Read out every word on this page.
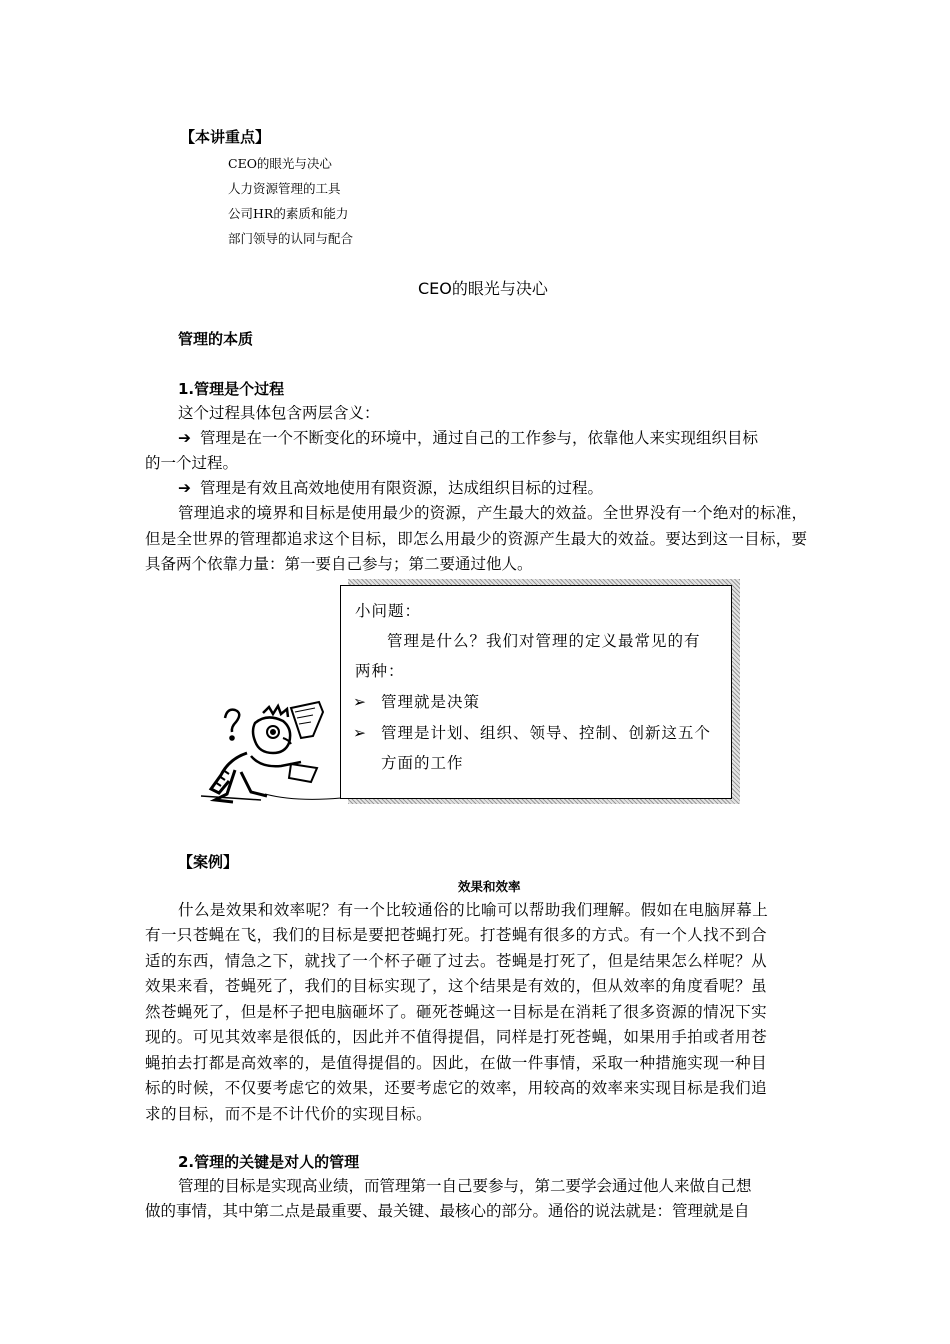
【本讲重点】
CEO的眼光与决心
人力资源管理的工具
公司HR的素质和能力
部门领导的认同与配合
CEO的眼光与决心
管理的本质
1.管理是个过程
这个过程具体包含两层含义：
➔ 管理是在一个不断变化的环境中，通过自己的工作参与，依靠他人来实现组织目标
的一个过程。
➔ 管理是有效且高效地使用有限资源，达成组织目标的过程。
管理追求的境界和目标是使用最少的资源，产生最大的效益。全世界没有一个绝对的标准，但是全世界的管理都追求这个目标，即怎么用最少的资源产生最大的效益。要达到这一目标，要具备两个依靠力量：第一要自己参与；第二要通过他人。
小问题：
管理是什么？我们对管理的定义最常见的有
两种：
➢ 管理就是决策
➢ 管理是计划、组织、领导、控制、创新这五个
方面的工作
【案例】
效果和效率
什么是效果和效率呢？有一个比较通俗的比喻可以帮助我们理解。假如在电脑屏幕上
有一只苍蝇在飞，我们的目标是要把苍蝇打死。打苍蝇有很多的方式。有一个人找不到合
适的东西，情急之下，就找了一个杯子砸了过去。苍蝇是打死了，但是结果怎么样呢？从
效果来看，苍蝇死了，我们的目标实现了，这个结果是有效的，但从效率的角度看呢？虽
然苍蝇死了，但是杯子把电脑砸坏了。砸死苍蝇这一目标是在消耗了很多资源的情况下实
现的。可见其效率是很低的，因此并不值得提倡，同样是打死苍蝇，如果用手拍或者用苍
蝇拍去打都是高效率的，是值得提倡的。因此，在做一件事情，采取一种措施实现一种目
标的时候，不仅要考虑它的效果，还要考虑它的效率，用较高的效率来实现目标是我们追
求的目标，而不是不计代价的实现目标。
2.管理的关键是对人的管理
管理的目标是实现高业绩，而管理第一自己要参与，第二要学会通过他人来做自己想
做的事情，其中第二点是最重要、最关键、最核心的部分。通俗的说法就是：管理就是自
